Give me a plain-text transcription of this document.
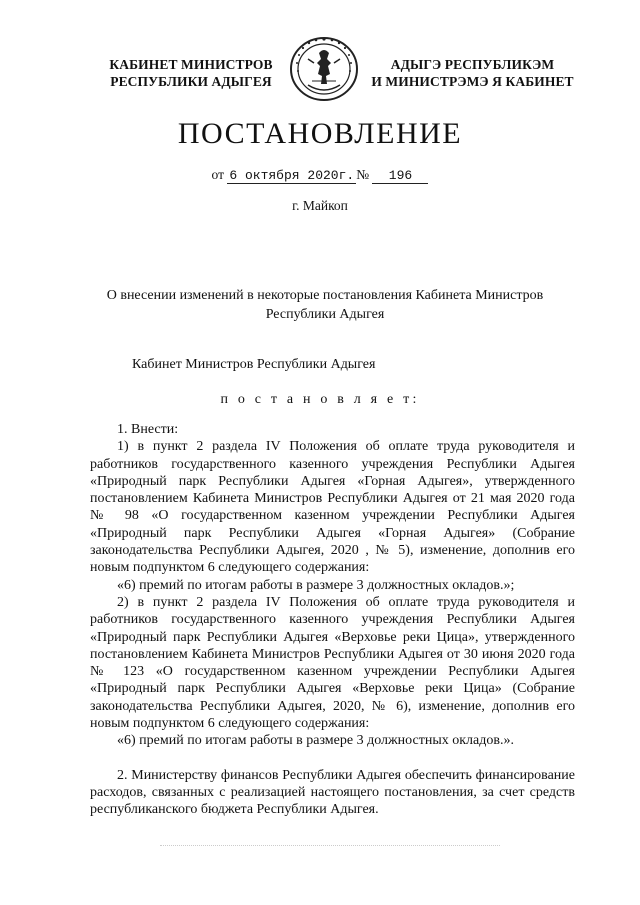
КАБИНЕТ МИНИСТРОВ
РЕСПУБЛИКИ АДЫГЕЯ
АДЫГЭ РЕСПУБЛИКЭМ
И МИНИСТРЭМЭ Я КАБИНЕТ
ПОСТАНОВЛЕНИЕ
от 6 октября 2020г. № 196
г. Майкоп
О внесении изменений в некоторые постановления Кабинета Министров Республики Адыгея
Кабинет Министров Республики Адыгея
п о с т а н о в л я е т:

1. Внести:

1) в пункт 2 раздела IV Положения об оплате труда руководителя и работников государственного казенного учреждения Республики Адыгея «Природный парк Республики Адыгея «Горная Адыгея», утвержденного постановлением Кабинета Министров Республики Адыгея от 21 мая 2020 года № 98 «О государственном казенном учреждении Республики Адыгея «Природный парк Республики Адыгея «Горная Адыгея» (Собрание законодательства Республики Адыгея, 2020 , № 5), изменение, дополнив его новым подпунктом 6 следующего содержания:

«6) премий по итогам работы в размере 3 должностных окладов.»;

2) в пункт 2 раздела IV Положения об оплате труда руководителя и работников государственного казенного учреждения Республики Адыгея «Природный парк Республики Адыгея «Верховье реки Цица», утвержденного постановлением Кабинета Министров Республики Адыгея от 30 июня 2020 года № 123 «О государственном казенном учреждении Республики Адыгея «Природный парк Республики Адыгея «Верховье реки Цица» (Собрание законодательства Республики Адыгея, 2020, № 6), изменение, дополнив его новым подпунктом 6 следующего содержания:

«6) премий по итогам работы в размере 3 должностных окладов.».

2. Министерству финансов Республики Адыгея обеспечить финансирование расходов, связанных с реализацией настоящего постановления, за счет средств республиканского бюджета Республики Адыгея.
